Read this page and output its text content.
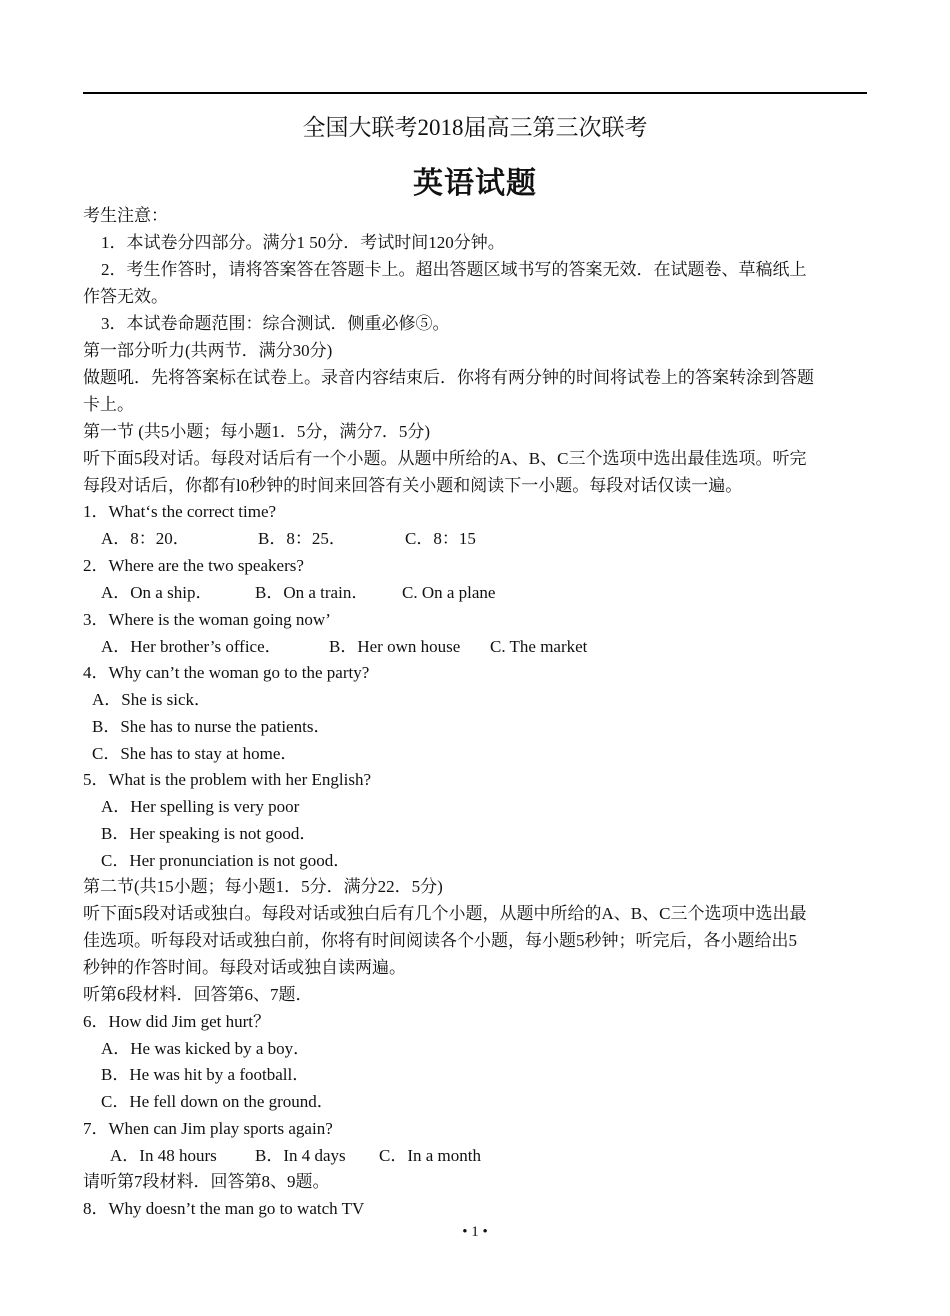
全国大联考2018届高三第三次联考
英语试题
考生注意：
1．本试卷分四部分。满分1 50分．考试时间120分钟。
2．考生作答时，请将答案答在答题卡上。超出答题区域书写的答案无效．在试题卷、草稿纸上
作答无效。
3．本试卷命题范围：综合测试．侧重必修⑤。
第一部分听力(共两节．满分30分)
做题吼．先将答案标在试卷上。录音内容结束后．你将有两分钟的时间将试卷上的答案转涂到答题
卡上。
第一节 (共5小题；每小题1．5分，满分7．5分)
听下面5段对话。每段对话后有一个小题。从题中所给的A、B、C三个选项中选出最佳选项。听完
每段对话后，你都有l0秒钟的时间来回答有关小题和阅读下一小题。每段对话仅读一遍。
1．What‘s the correct time?
A．8：20．	B．8：25．	C．8：15
2．Where are the two speakers?
A．On a ship．	B．On a train． C. On a plane
3．Where is the woman going now’
A．Her brother’s office．	B．Her own house C. The market
4．Why can’t the woman go to the party?
A．She is sick．
B．She has to nurse the patients．
C．She has to stay at home．
5．What is the problem with her English?
A．Her spelling is very poor
B．Her speaking is not good．
C．Her pronunciation is not good．
第二节(共15小题；每小题1．5分．满分22．5分)
听下面5段对话或独白。每段对话或独白后有几个小题，从题中所给的A、B、C三个选项中选出最
佳选项。听每段对话或独白前，你将有时间阅读各个小题，每小题5秒钟；听完后，各小题给出5
秒钟的作答时间。每段对话或独自读两遍。
听第6段材料．回答第6、7题．
6．How did Jim get hurt？
A．He was kicked by a boy．
B．He was hit by a football．
C．He fell down on the ground．
7．When can Jim play sports again?
A．In 48 hours B．In 4 days C．In a month
请听第7段材料．回答第8、9题。
8．Why doesn’t the man go to watch TV
• 1 •
